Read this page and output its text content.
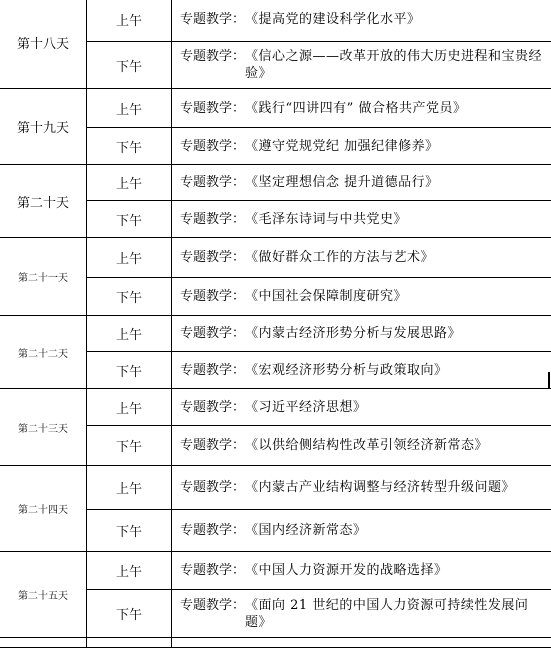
第十八天	上午	专题教学： 《提高党的建设科学化水平》

	下午	专题教学： 《信心之源——改革开放的伟大历史进程和宝贵经验》

第十九天	上午	专题教学： 《践行“四讲四有” 做合格共产党员》

	下午	专题教学： 《遵守党规党纪 加强纪律修养》

第二十天	上午	专题教学： 《坚定理想信念 提升道德品行》

	下午	专题教学： 《毛泽东诗词与中共党史》

第二十一天	上午	专题教学： 《做好群众工作的方法与艺术》

	下午	专题教学： 《中国社会保障制度研究》

第二十二天	上午	专题教学： 《内蒙古经济形势分析与发展思路》

	下午	专题教学： 《宏观经济形势分析与政策取向》

第二十三天	上午	专题教学： 《习近平经济思想》

	下午	专题教学： 《以供给侧结构性改革引领经济新常态》

第二十四天	上午	专题教学： 《内蒙古产业结构调整与经济转型升级问题》

	下午	专题教学： 《国内经济新常态》

第二十五天	上午	专题教学： 《中国人力资源开发的战略选择》

	下午	专题教学： 《面向 21 世纪的中国人力资源可持续性发展问题》
